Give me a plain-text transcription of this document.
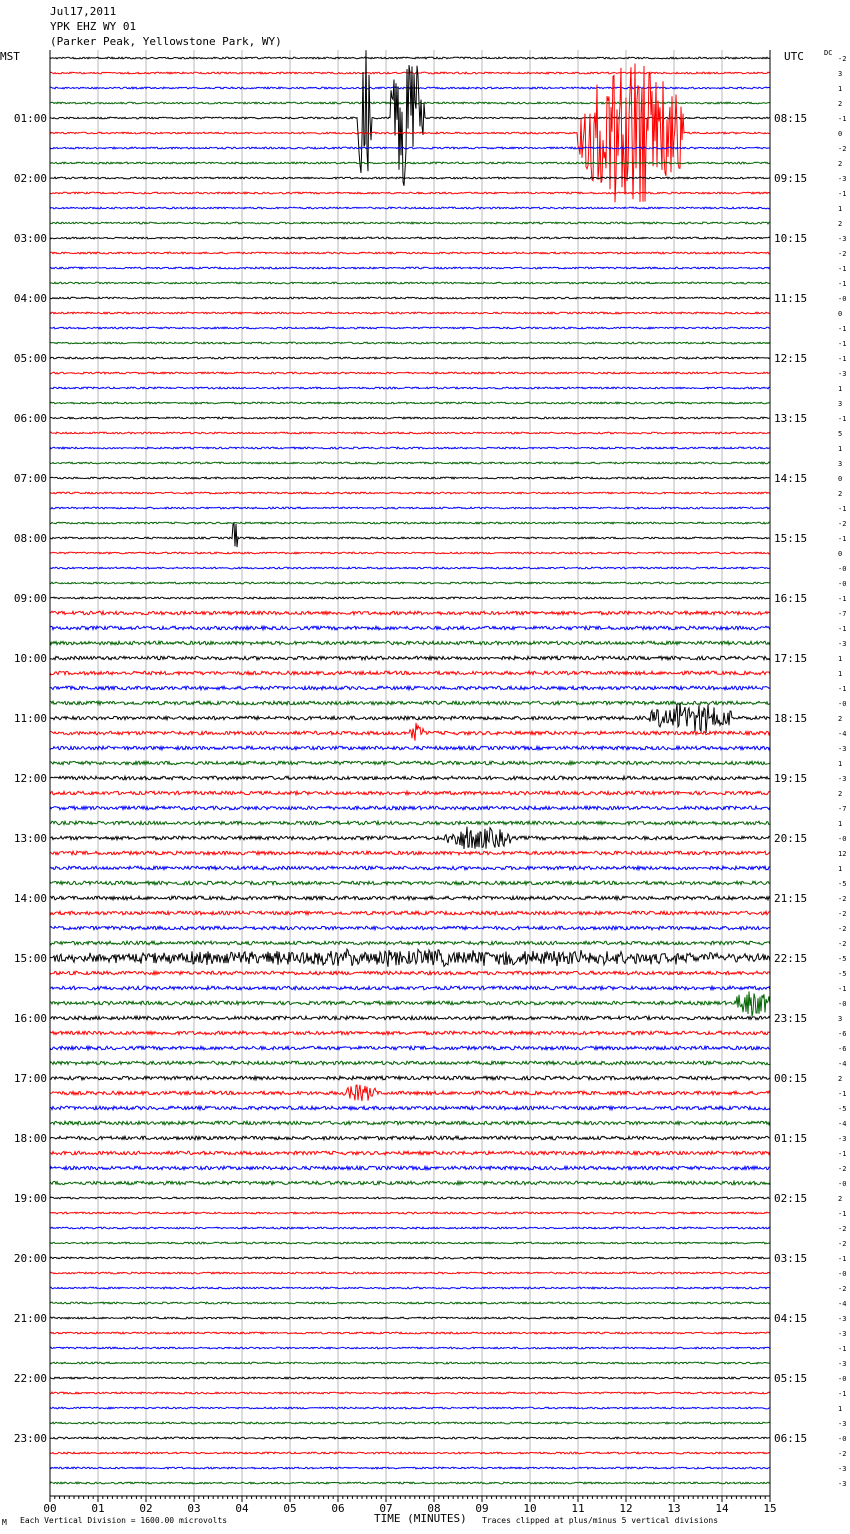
-2
3
1
2
-1
0
-2
2
-3
-1
1
2
-3
-2
-1
-1
-0
0
-1
-1
-1
-3
1
3
-1
5
1
3
0
2
-1
-2
-1
0
-0
-0
-1
-7
-1
-3
1
1
-1
-0
2
-4
-3
1
-3
2
-7
1
-0
12
1
-5
-2
-2
-2
-2
-5
-5
-1
-0
3
-6
-6
-4
2
-1
-5
-4
-3
-1
-2
-0
2
-1
-2
-2
-1
-0
-2
-4
-3
-3
-1
-3
-0
-1
1
-3
-0
-2
-3
-3
01:00
02:00
03:00
04:00
05:00
06:00
07:00
08:00
09:00
10:00
11:00
12:00
13:00
14:00
15:00
16:00
17:00
18:00
19:00
20:00
21:00
22:00
23:00
08:15
09:15
10:15
11:15
12:15
13:15
14:15
15:15
16:15
17:15
18:15
19:15
20:15
21:15
22:15
23:15
00:15
01:15
02:15
03:15
04:15
05:15
06:15
00	01	02	03	04	05	06	07	08	09	10	11	12	13	14	15
Jul17,2011
YPK EHZ WY 01
(Parker Peak, Yellowstone Park, WY)
MST	UTC	DC
M Each Vertical Division = 1600.00 microvolts	TIME (MINUTES) Traces clipped at plus/minus 5 vertical divisions
